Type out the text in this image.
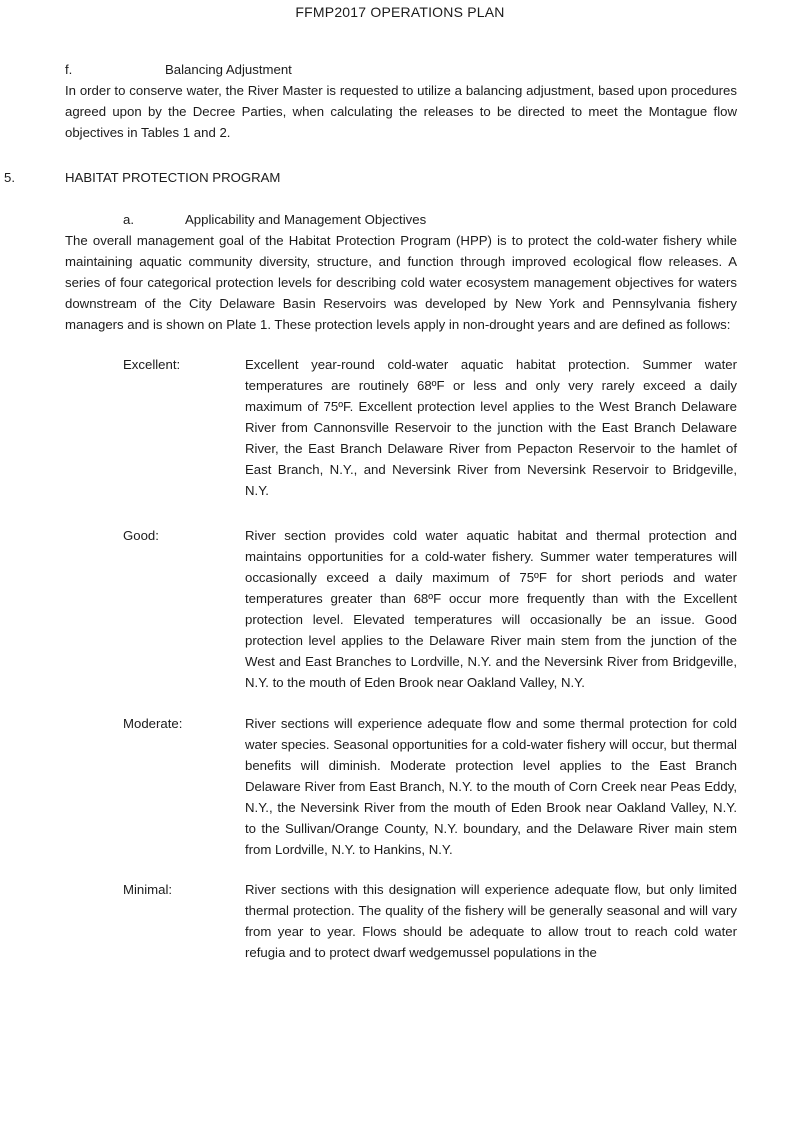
FFMP2017 OPERATIONS PLAN
f.	Balancing Adjustment

In order to conserve water, the River Master is requested to utilize a balancing adjustment, based upon procedures agreed upon by the Decree Parties, when calculating the releases to be directed to meet the Montague flow objectives in Tables 1 and 2.

5.	HABITAT PROTECTION PROGRAM
a.	Applicability and Management Objectives

The overall management goal of the Habitat Protection Program (HPP) is to protect the cold-water fishery while maintaining aquatic community diversity, structure, and function through improved ecological flow releases. A series of four categorical protection levels for describing cold water ecosystem management objectives for waters downstream of the City Delaware Basin Reservoirs was developed by New York and Pennsylvania fishery managers and is shown on Plate 1. These protection levels apply in non-drought years and are defined as follows:

Excellent:	Excellent year-round cold-water aquatic habitat protection. Summer water temperatures are routinely 68ºF or less and only very rarely exceed a daily maximum of 75ºF. Excellent protection level applies to the West Branch Delaware River from Cannonsville Reservoir to the junction with the East Branch Delaware River, the East Branch Delaware River from Pepacton Reservoir to the hamlet of East Branch, N.Y., and Neversink River from Neversink Reservoir to Bridgeville, N.Y.
Good:	River section provides cold water aquatic habitat and thermal protection and maintains opportunities for a cold-water fishery. Summer water temperatures will occasionally exceed a daily maximum of 75ºF for short periods and water temperatures greater than 68ºF occur more frequently than with the Excellent protection level. Elevated temperatures will occasionally be an issue. Good protection level applies to the Delaware River main stem from the junction of the West and East Branches to Lordville, N.Y. and the Neversink River from Bridgeville, N.Y. to the mouth of Eden Brook near Oakland Valley, N.Y.
Moderate:	River sections will experience adequate flow and some thermal protection for cold water species. Seasonal opportunities for a cold-water fishery will occur, but thermal benefits will diminish. Moderate protection level applies to the East Branch Delaware River from East Branch, N.Y. to the mouth of Corn Creek near Peas Eddy, N.Y., the Neversink River from the mouth of Eden Brook near Oakland Valley, N.Y. to the Sullivan/Orange County, N.Y. boundary, and the Delaware River main stem from Lordville, N.Y. to Hankins, N.Y.
Minimal:	River sections with this designation will experience adequate flow, but only limited thermal protection. The quality of the fishery will be generally seasonal and will vary from year to year. Flows should be adequate to allow trout to reach cold water refugia and to protect dwarf wedgemussel populations in the
